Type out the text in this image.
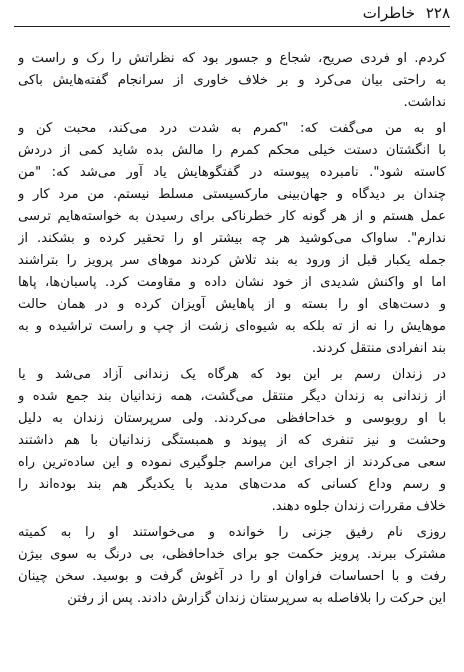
۲۲۸ خاطرات
کردم. او فردی صریح، شجاع و جسور بود که نظراتش را رک و راست و
به راحتی بیان می‌کرد و بر خلاف خاوری از سرانجام گفته‌هایش باکی
نداشت.
او به من می‌گفت که: "کمرم به شدت درد می‌کند، محبت کن و
با انگشتان دستت خیلی محکم کمرم را مالش بده شاید کمی از دردش
کاسته شود". نامبرده پیوسته در گفتگوهایش یاد آور می‌شد که: "من
چندان بر دیدگاه و جهان‌بینی مارکسیستی مسلط نیستم. من مرد کار و
عمل هستم و از هر گونه کار خطرناکی برای رسیدن به خواسته‌هایم ترسی
ندارم". ساواک می‌کوشید هر چه بیشتر او را تحقیر کرده و بشکند. از
جمله یکبار قبل از ورود به بند تلاش کردند موهای سر پرویز را بتراشند
اما او واکنش شدیدی از خود نشان داده و مقاومت کرد. پاسبان‌ها، پاها
و دست‌های او را بسته و از پاهایش آویزان کرده و در همان حالت
موهایش را نه از ته بلکه به شیوه‌ای زشت از چپ و راست تراشیده و به
بند انفرادی منتقل کردند.
در زندان رسم بر این بود که هرگاه یک زندانی آزاد می‌شد و یا
از زندانی به زندان دیگر منتقل می‌گشت، همه زندانیان بند جمع شده و
با او روبوسی و خداحافظی می‌کردند. ولی سرپرستان زندان به دلیل
وحشت و نیز تنفری که از پیوند و همبستگی زندانیان با هم داشتند
سعی می‌کردند از اجرای این مراسم جلوگیری نموده و این ساده‌ترین راه
و رسم وداع کسانی که مدت‌های مدید با یکدیگر هم بند بوده‌اند را
خلاف مقررات زندان جلوه دهند.
روزی نام رفیق جزنی را خوانده و می‌خواستند او را به کمیته
مشترک ببرند. پرویز حکمت جو برای خداحافظی، بی درنگ به سوی بیژن
رفت و با احساسات فراوان او را در آغوش گرفت و بوسید. سخن چینان
این حرکت را بلافاصله به سرپرستان زندان گزارش دادند. پس از رفتن
